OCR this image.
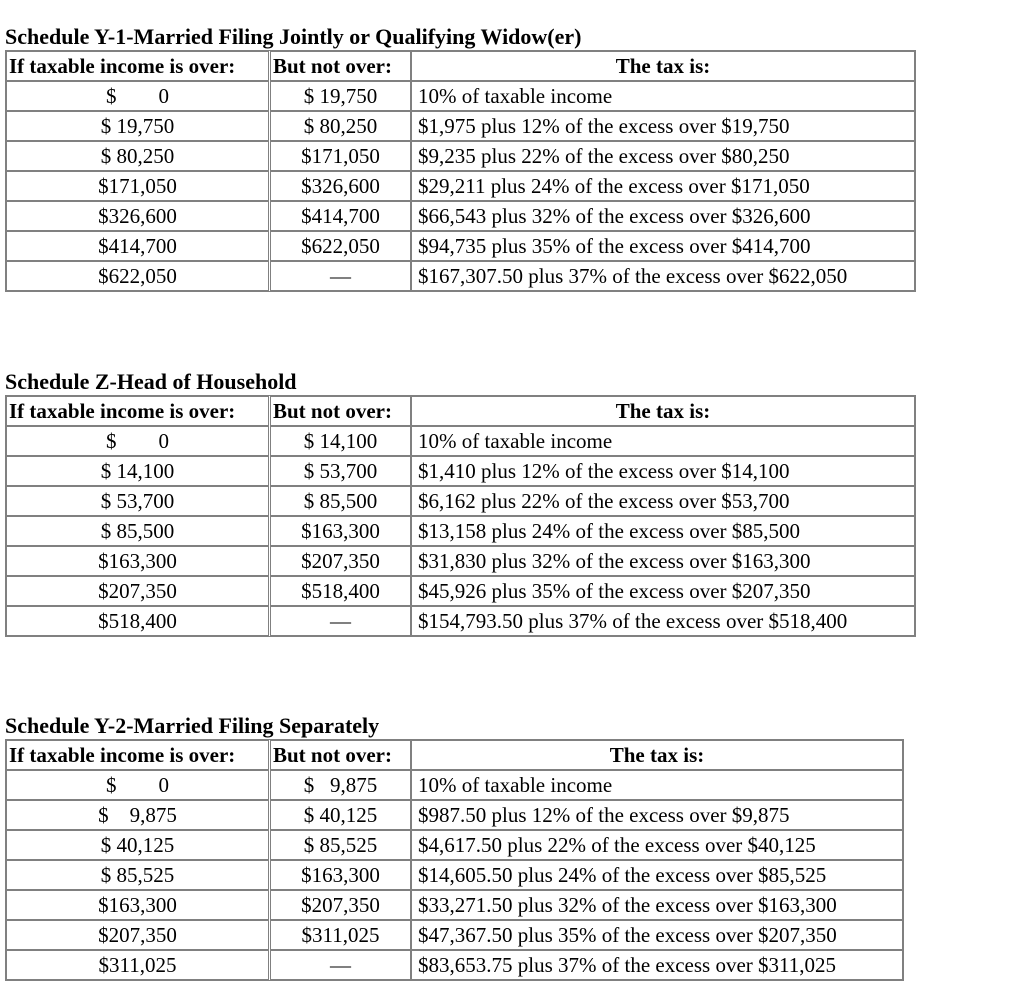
Schedule Y-1-Married Filing Jointly or Qualifying Widow(er)
If taxable income is over:	But not over:	The tax is:
$        0	$ 19,750	10% of taxable income
$ 19,750	$ 80,250	$1,975 plus 12% of the excess over $19,750
$ 80,250	$171,050	$9,235 plus 22% of the excess over $80,250
$171,050	$326,600	$29,211 plus 24% of the excess over $171,050
$326,600	$414,700	$66,543 plus 32% of the excess over $326,600
$414,700	$622,050	$94,735 plus 35% of the excess over $414,700
$622,050	—	$167,307.50 plus 37% of the excess over $622,050
Schedule Z-Head of Household
If taxable income is over:	But not over:	The tax is:
$        0	$ 14,100	10% of taxable income
$ 14,100	$ 53,700	$1,410 plus 12% of the excess over $14,100
$ 53,700	$ 85,500	$6,162 plus 22% of the excess over $53,700
$ 85,500	$163,300	$13,158 plus 24% of the excess over $85,500
$163,300	$207,350	$31,830 plus 32% of the excess over $163,300
$207,350	$518,400	$45,926 plus 35% of the excess over $207,350
$518,400	—	$154,793.50 plus 37% of the excess over $518,400
Schedule Y-2-Married Filing Separately
If taxable income is over:	But not over:	The tax is:
$        0	$   9,875	10% of taxable income
$    9,875	$ 40,125	$987.50 plus 12% of the excess over $9,875
$ 40,125	$ 85,525	$4,617.50 plus 22% of the excess over $40,125
$ 85,525	$163,300	$14,605.50 plus 24% of the excess over $85,525
$163,300	$207,350	$33,271.50 plus 32% of the excess over $163,300
$207,350	$311,025	$47,367.50 plus 35% of the excess over $207,350
$311,025	—	$83,653.75 plus 37% of the excess over $311,025
